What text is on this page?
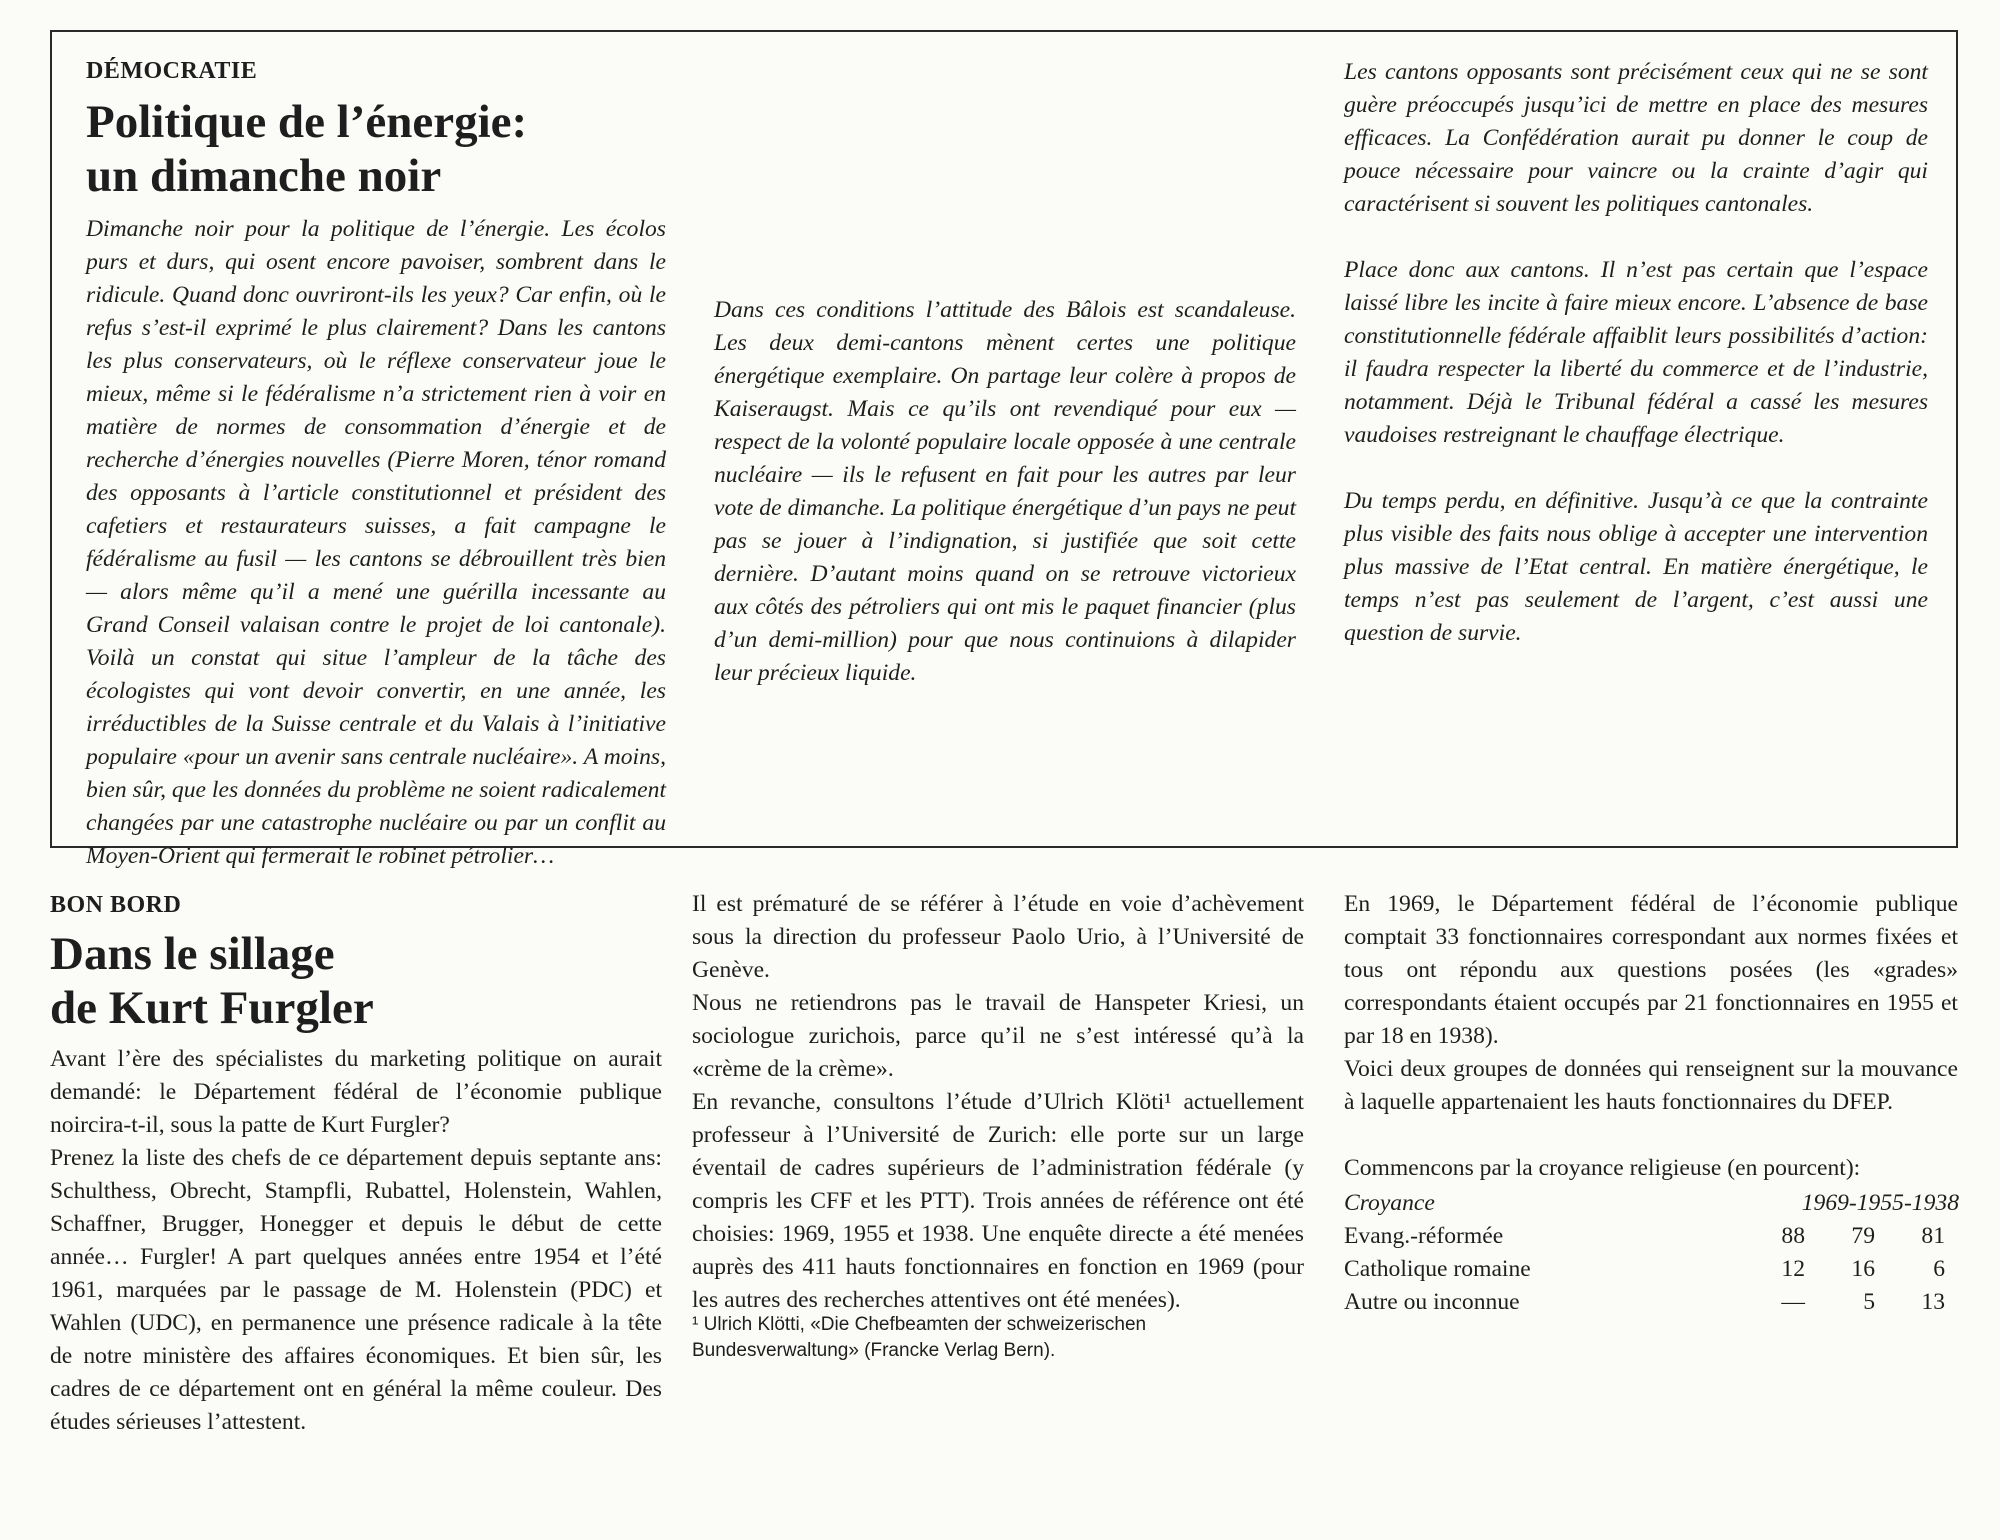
DÉMOCRATIE

Politique de l’énergie:
un dimanche noir

Dimanche noir pour la politique de l’énergie. Les écolos purs et durs, qui osent encore pavoiser, sombrent dans le ridicule. Quand donc ouvriront-ils les yeux? Car enfin, où le refus s’est-il exprimé le plus clairement? Dans les cantons les plus conservateurs, où le réflexe conservateur joue le mieux, même si le fédéralisme n’a strictement rien à voir en matière de normes de consommation d’énergie et de recherche d’énergies nouvelles (Pierre Moren, ténor romand des opposants à l’article constitutionnel et président des cafetiers et restaurateurs suisses, a fait campagne le fédéralisme au fusil — les cantons se débrouillent très bien — alors même qu’il a mené une guérilla incessante au Grand Conseil valaisan contre le projet de loi cantonale). Voilà un constat qui situe l’ampleur de la tâche des écologistes qui vont devoir convertir, en une année, les irréductibles de la Suisse centrale et du Valais à l’initiative populaire «pour un avenir sans centrale nucléaire». A moins, bien sûr, que les données du problème ne soient radicalement changées par une catastrophe nucléaire ou par un conflit au Moyen-Orient qui fermerait le robinet pétrolier…

Dans ces conditions l’attitude des Bâlois est scandaleuse. Les deux demi-cantons mènent certes une politique énergétique exemplaire. On partage leur colère à propos de Kaiseraugst. Mais ce qu’ils ont revendiqué pour eux — respect de la volonté populaire locale opposée à une centrale nucléaire — ils le refusent en fait pour les autres par leur vote de dimanche. La politique énergétique d’un pays ne peut pas se jouer à l’indignation, si justifiée que soit cette dernière. D’autant moins quand on se retrouve victorieux aux côtés des pétroliers qui ont mis le paquet financier (plus d’un demi-million) pour que nous continuions à dilapider leur précieux liquide.

Les cantons opposants sont précisément ceux qui ne se sont guère préoccupés jusqu’ici de mettre en place des mesures efficaces. La Confédération aurait pu donner le coup de pouce nécessaire pour vaincre ou la crainte d’agir qui caractérisent si souvent les politiques cantonales.

Place donc aux cantons. Il n’est pas certain que l’espace laissé libre les incite à faire mieux encore. L’absence de base constitutionnelle fédérale affaiblit leurs possibilités d’action: il faudra respecter la liberté du commerce et de l’industrie, notamment. Déjà le Tribunal fédéral a cassé les mesures vaudoises restreignant le chauffage électrique.

Du temps perdu, en définitive. Jusqu’à ce que la contrainte plus visible des faits nous oblige à accepter une intervention plus massive de l’Etat central. En matière énergétique, le temps n’est pas seulement de l’argent, c’est aussi une question de survie.

BON BORD

Dans le sillage
de Kurt Furgler

Avant l’ère des spécialistes du marketing politique on aurait demandé: le Département fédéral de l’économie publique noircira-t-il, sous la patte de Kurt Furgler?

Prenez la liste des chefs de ce département depuis septante ans: Schulthess, Obrecht, Stampfli, Rubattel, Holenstein, Wahlen, Schaffner, Brugger, Honegger et depuis le début de cette année… Furgler! A part quelques années entre 1954 et l’été 1961, marquées par le passage de M. Holenstein (PDC) et Wahlen (UDC), en permanence une présence radicale à la tête de notre ministère des affaires économiques. Et bien sûr, les cadres de ce département ont en général la même couleur. Des études sérieuses l’attestent.

Il est prématuré de se référer à l’étude en voie d’achèvement sous la direction du professeur Paolo Urio, à l’Université de Genève.

Nous ne retiendrons pas le travail de Hanspeter Kriesi, un sociologue zurichois, parce qu’il ne s’est intéressé qu’à la «crème de la crème».

En revanche, consultons l’étude d’Ulrich Klöti¹ actuellement professeur à l’Université de Zurich: elle porte sur un large éventail de cadres supérieurs de l’administration fédérale (y compris les CFF et les PTT). Trois années de référence ont été choisies: 1969, 1955 et 1938. Une enquête directe a été menées auprès des 411 hauts fonctionnaires en fonction en 1969 (pour les autres des recherches attentives ont été menées).

¹ Ulrich Klötti, «Die Chefbeamten der schweizerischen Bundesverwaltung» (Francke Verlag Bern).

En 1969, le Département fédéral de l’économie publique comptait 33 fonctionnaires correspondant aux normes fixées et tous ont répondu aux questions posées (les «grades» correspondants étaient occupés par 21 fonctionnaires en 1955 et par 18 en 1938).

Voici deux groupes de données qui renseignent sur la mouvance à laquelle appartenaient les hauts fonctionnaires du DFEP.

Commencons par la croyance religieuse (en pourcent):

Croyance	1969-1955-1938		
Evang.-réformée	88	79	81
Catholique romaine	12	16	6
Autre ou inconnue	—	5	13
